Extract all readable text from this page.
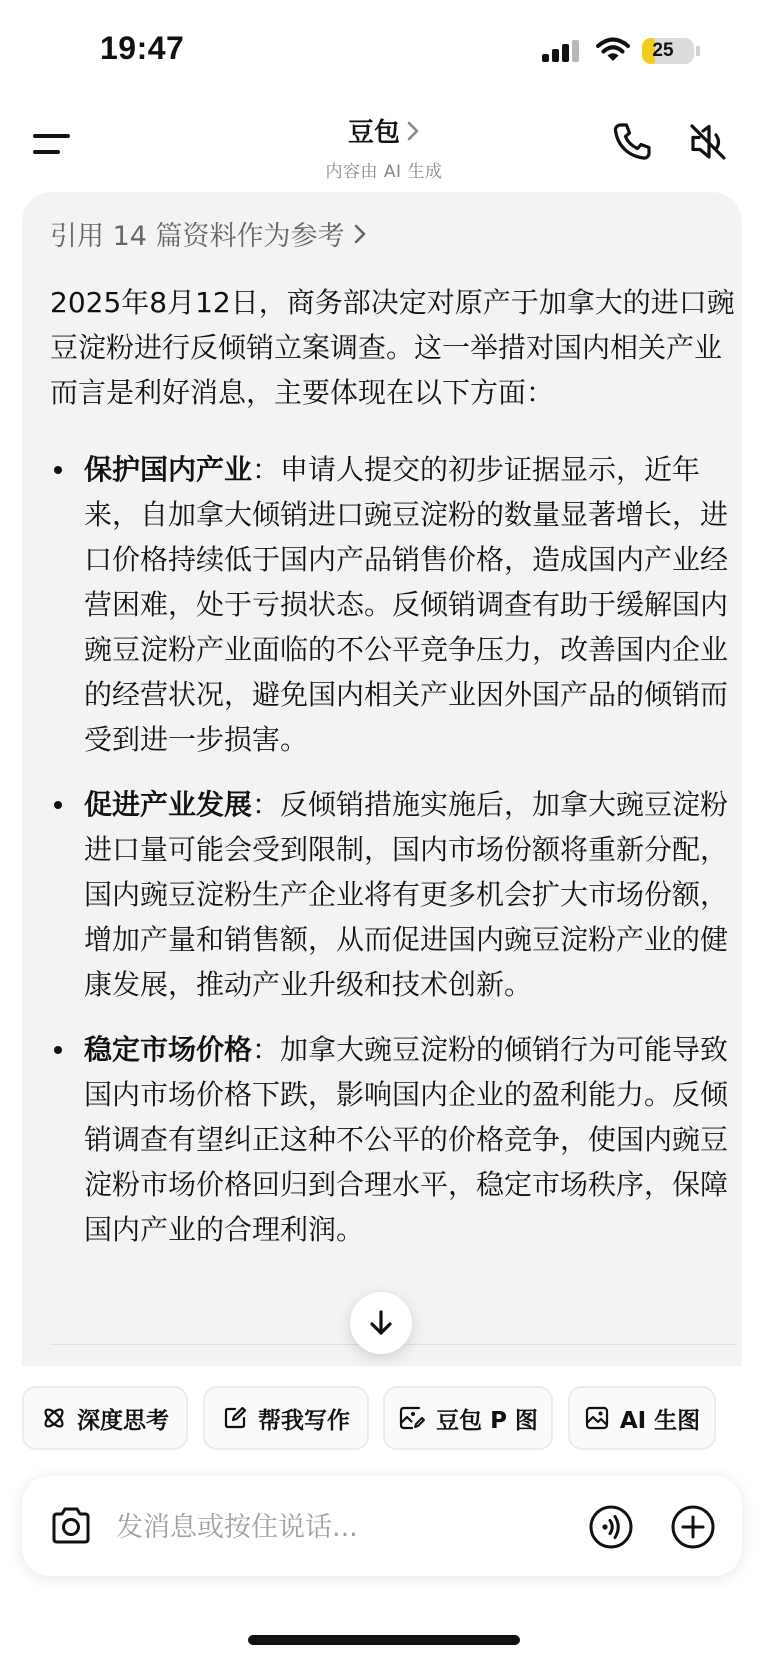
19:47	25
豆包
内容由 AI 生成
引用 14 篇资料作为参考

2025年8月12日，商务部决定对原产于加拿大的进口豌豆淀粉进行反倾销立案调查。这一举措对国内相关产业而言是利好消息，主要体现在以下方面：

保护国内产业：申请人提交的初步证据显示，近年来，自加拿大倾销进口豌豆淀粉的数量显著增长，进口价格持续低于国内产品销售价格，造成国内产业经营困难，处于亏损状态。反倾销调查有助于缓解国内豌豆淀粉产业面临的不公平竞争压力，改善国内企业的经营状况，避免国内相关产业因外国产品的倾销而受到进一步损害。
促进产业发展：反倾销措施实施后，加拿大豌豆淀粉进口量可能会受到限制，国内市场份额将重新分配，国内豌豆淀粉生产企业将有更多机会扩大市场份额，增加产量和销售额，从而促进国内豌豆淀粉产业的健康发展，推动产业升级和技术创新。
稳定市场价格：加拿大豌豆淀粉的倾销行为可能导致国内市场价格下跌，影响国内企业的盈利能力。反倾销调查有望纠正这种不公平的价格竞争，使国内豌豆淀粉市场价格回归到合理水平，稳定市场秩序，保障国内产业的合理利润。
深度思考	帮我写作	豆包 P 图	AI 生图
发消息或按住说话...
